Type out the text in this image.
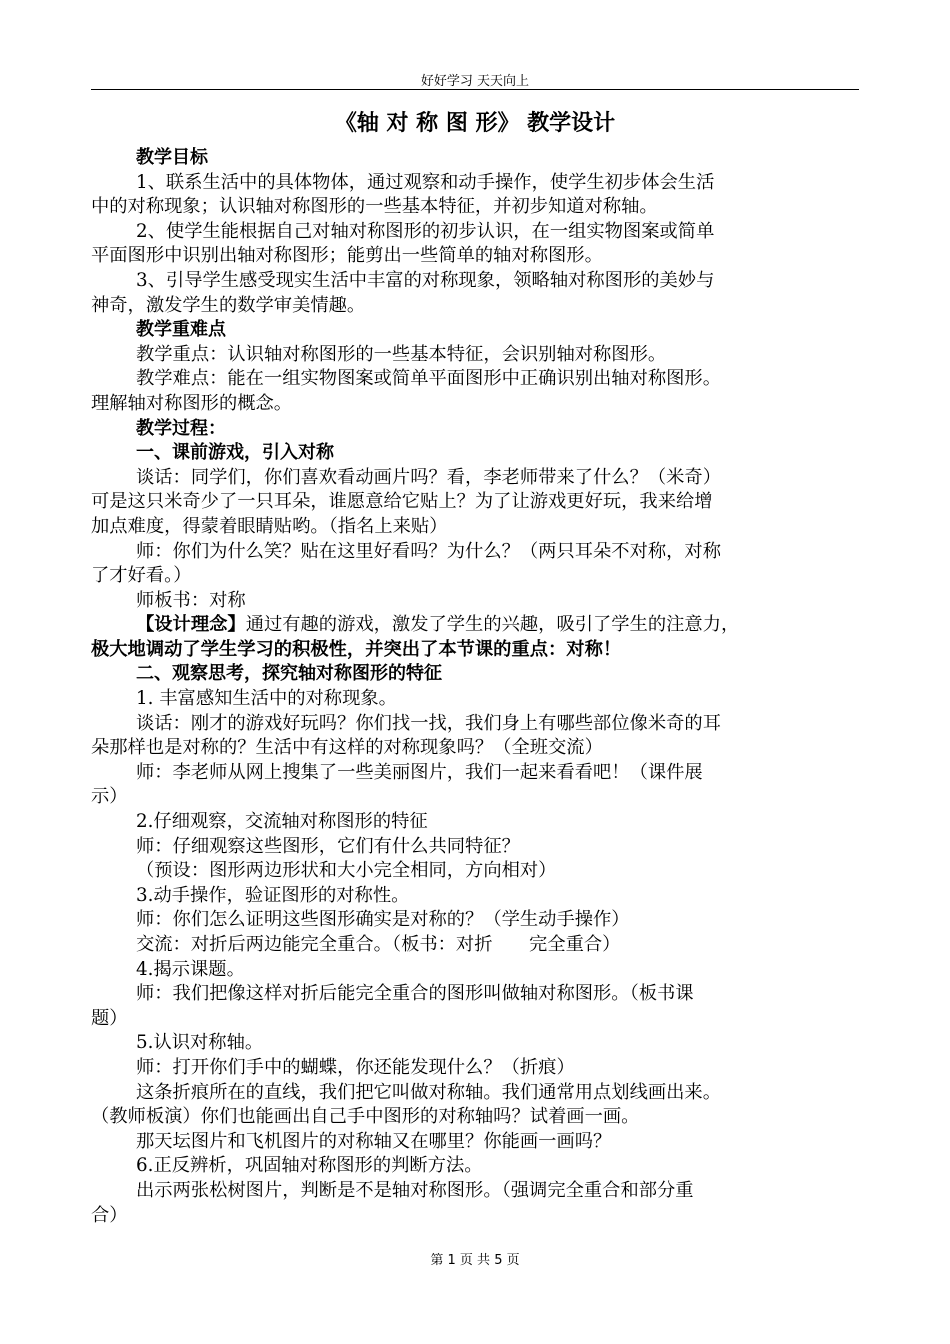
好好学习 天天向上
《轴 对 称 图 形》 教学设计
教学目标
1、联系生活中的具体物体，通过观察和动手操作，使学生初步体会生活
中的对称现象；认识轴对称图形的一些基本特征，并初步知道对称轴。
2、使学生能根据自己对轴对称图形的初步认识，在一组实物图案或简单
平面图形中识别出轴对称图形；能剪出一些简单的轴对称图形。
3、引导学生感受现实生活中丰富的对称现象，领略轴对称图形的美妙与
神奇，激发学生的数学审美情趣。
教学重难点
教学重点：认识轴对称图形的一些基本特征，会识别轴对称图形。
教学难点：能在一组实物图案或简单平面图形中正确识别出轴对称图形。
理解轴对称图形的概念。
教学过程：
一、课前游戏，引入对称
谈话：同学们，你们喜欢看动画片吗？看，李老师带来了什么？（米奇）
可是这只米奇少了一只耳朵，谁愿意给它贴上？为了让游戏更好玩，我来给增
加点难度，得蒙着眼睛贴哟。（指名上来贴）
师：你们为什么笑？贴在这里好看吗？为什么？（两只耳朵不对称，对称
了才好看。）
师板书：对称
【设计理念】通过有趣的游戏，激发了学生的兴趣，吸引了学生的注意力，
极大地调动了学生学习的积极性，并突出了本节课的重点：对称！
二、观察思考，探究轴对称图形的特征
1. 丰富感知生活中的对称现象。
谈话：刚才的游戏好玩吗？你们找一找，我们身上有哪些部位像米奇的耳
朵那样也是对称的？生活中有这样的对称现象吗？（全班交流）
师：李老师从网上搜集了一些美丽图片，我们一起来看看吧！（课件展
示）
2.仔细观察，交流轴对称图形的特征
师：仔细观察这些图形，它们有什么共同特征？
（预设：图形两边形状和大小完全相同，方向相对）
3.动手操作，验证图形的对称性。
师：你们怎么证明这些图形确实是对称的？（学生动手操作）
交流：对折后两边能完全重合。（板书：对折　　完全重合）
4.揭示课题。
师：我们把像这样对折后能完全重合的图形叫做轴对称图形。（板书课
题）
5.认识对称轴。
师：打开你们手中的蝴蝶，你还能发现什么？（折痕）
这条折痕所在的直线，我们把它叫做对称轴。我们通常用点划线画出来。
（教师板演）你们也能画出自己手中图形的对称轴吗？试着画一画。
那天坛图片和飞机图片的对称轴又在哪里？你能画一画吗？
6.正反辨析，巩固轴对称图形的判断方法。
出示两张松树图片，判断是不是轴对称图形。（强调完全重合和部分重
合）
第 1 页 共 5 页
